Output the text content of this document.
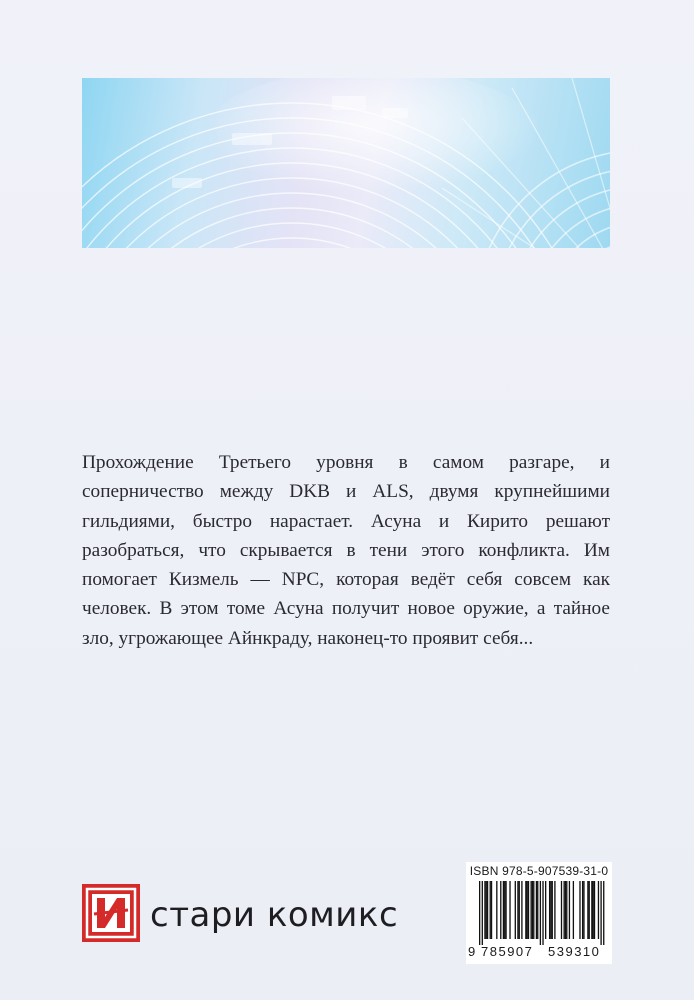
Прохождение Третьего уровня в самом разгаре, и соперничество между DKB и ALS, двумя крупнейшими гильдиями, быстро нарастает. Асуна и Кирито решают разобраться, что скрывается в тени этого конфликта. Им помогает Кизмель — NPC, которая ведёт себя совсем как человек. В этом томе Асуна получит новое оружие, а тайное зло, угрожающее Айнкраду, наконец-то проявит себя...

стари комикс
ISBN 978-5-907539-31-0
9 785907 539310
